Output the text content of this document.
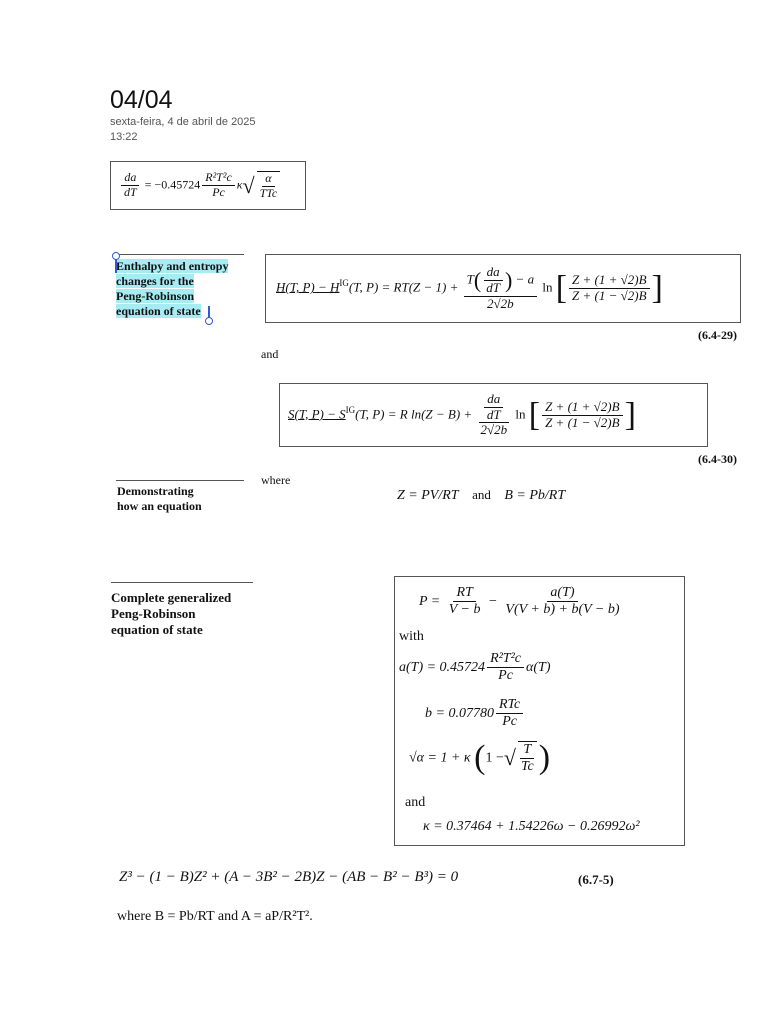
04/04
sexta-feira, 4 de abril de 2025
13:22
$\frac{da}{dT} = -0.45724 \frac{\text{R²T²c}}{Pc} \kappa√ \frac{\alpha}{\text{TTc}}$
Enthalpy and entropy
changes for the
Peng-Robinson
equation of state
H(T, $P) - H^{IG}(T$, $P) = RT(Z - 1) + \frac{T( \frac{da}{dT} ) - a}{2√2b}$ ln [ $\frac{Z + (1 + √2)B}{Z + (1 - √2)B}$ ]
(6.4-29)
and
S(T, $P) - S^{IG}(T$, P) = R $\ln(Z - B) + \frac{\frac{da}{dT}}{2√2b}$ ln [ $\frac{Z + (1 + √2)B}{Z + (1 - √2)B}$ ]
(6.4-30)
Demonstrating
how an equation
where
Z = PV/RT and B = Pb/RT
Complete generalized
Peng-Robinson
equation of state
$P = \frac{RT}{V - b} - \frac{a(T)}{V(V + b) + b(V - b)}$
with
$a(T) = 0.45724 \frac{\text{R²T²c}}{Pc} \alpha(T)$
$b = 0.07780 \frac{\text{RTc}}{Pc}$
√α = 1 + κ (1 −√ $\frac{T}{Tc}$ )
and
κ = 0.37464 + 1.54226ω − 0.26992ω²
Z³ − (1 − B)Z² + (A − 3B² − 2B)Z − (AB − B² − B³) = 0	(6.7-5)
where B = Pb/RT and A = aP/R²T².
